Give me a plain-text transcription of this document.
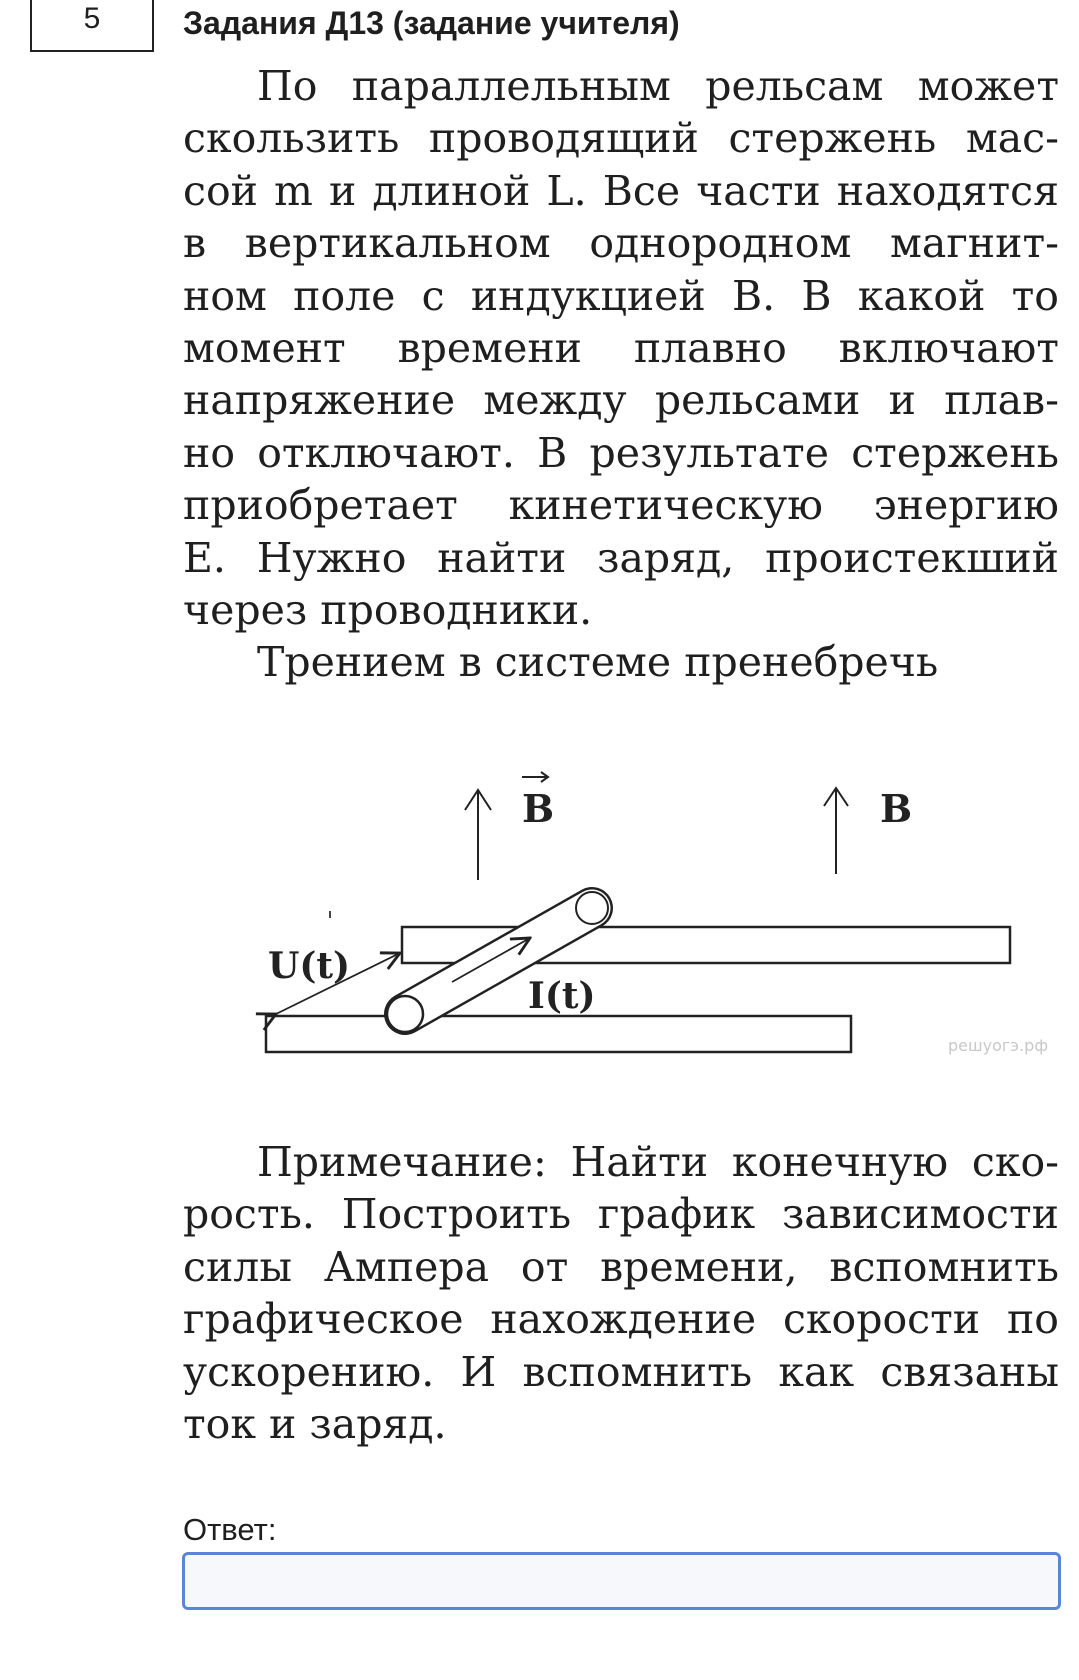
5	Задания Д13 (задание учителя)
По параллельным рельсам может
скользить проводящий стержень мас-
сой m и длиной L. Все части находятся
в вертикальном однородном магнит-
ном поле с индукцией B. В какой то
момент времени плавно включают
напряжение между рельсами и плав-
но отключают. В результате стержень
приобретает кинетическую энергию
E. Нужно найти заряд, проистекший
через проводники.
Трением в системе пренебречь
B	B
U(t)
I(t)
решуогэ.рф
Примечание: Найти конечную ско-
рость. Построить график зависимости
силы Ампера от времени, вспомнить
графическое нахождение скорости по
ускорению. И вспомнить как связаны
ток и заряд.
Ответ:
